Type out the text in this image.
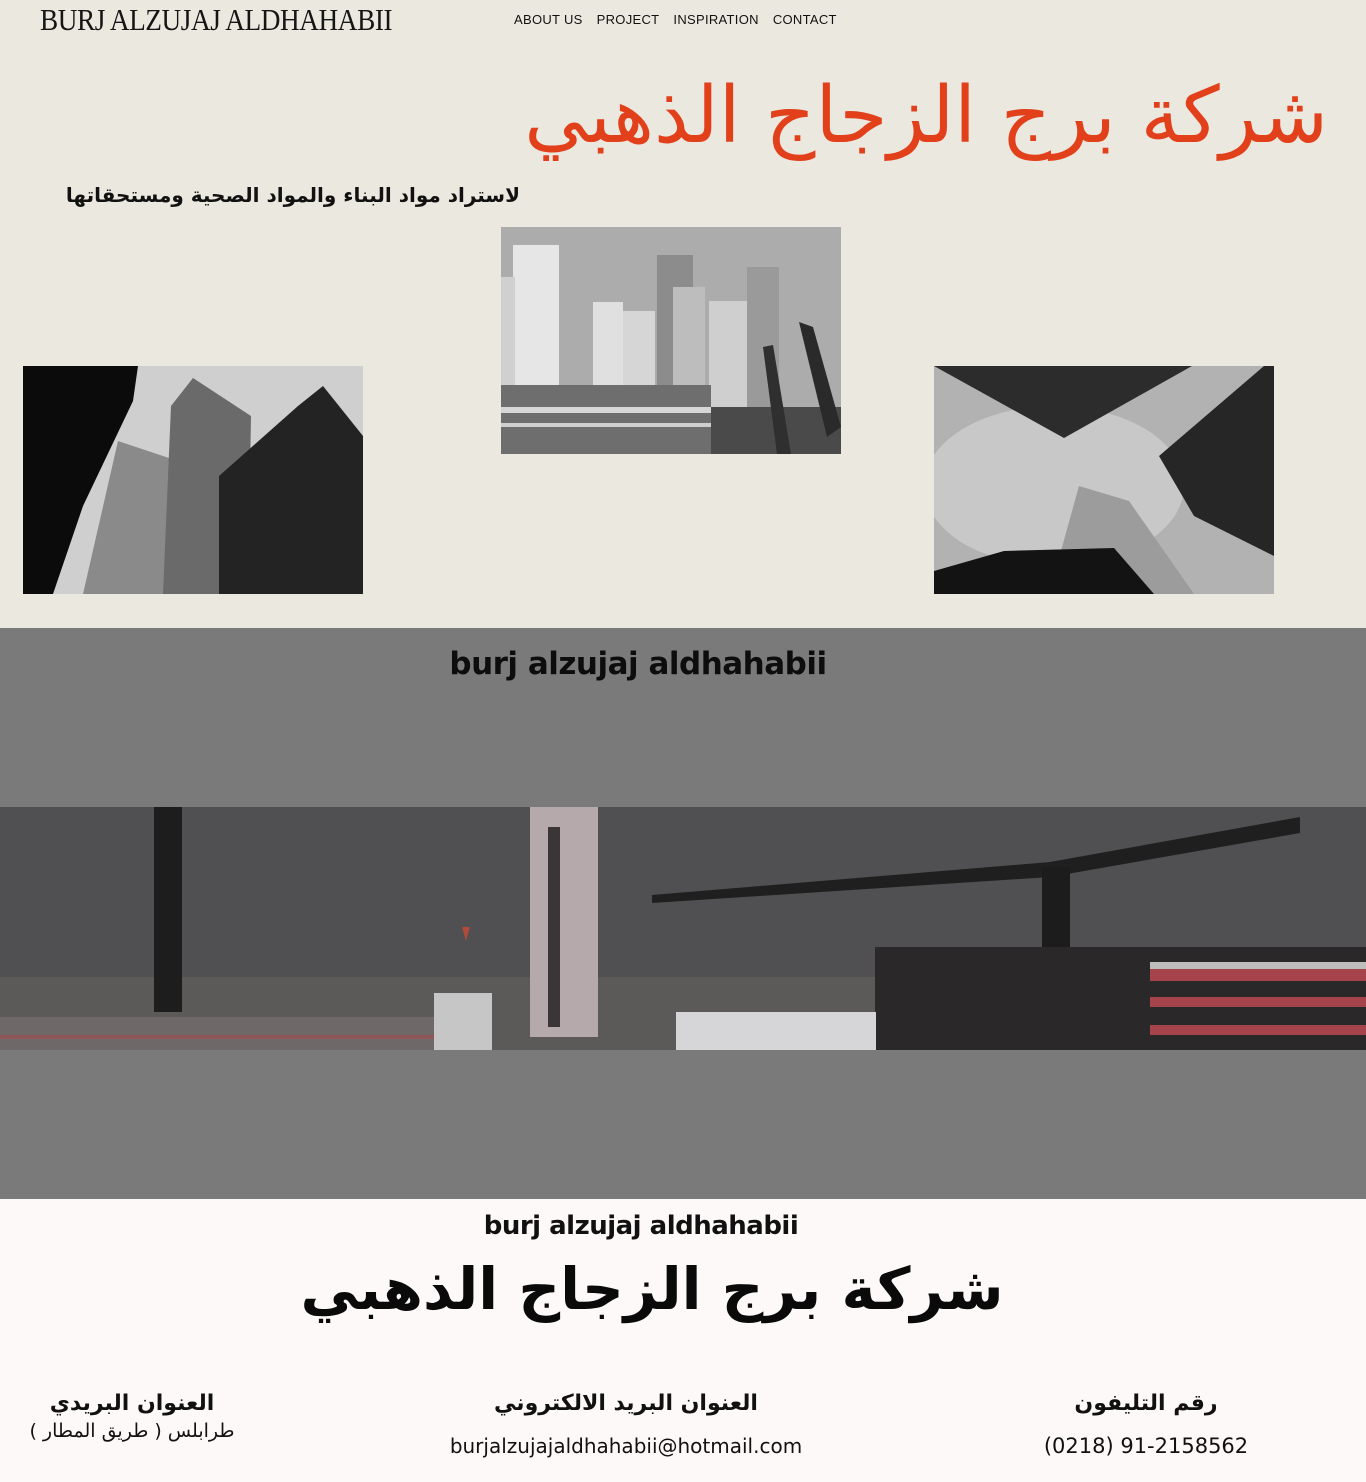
BURJ ALZUJAJ ALDHAHABII	ABOUT US PROJECT INSPIRATION CONTACT
شركة برج الزجاج الذهبي
لاستراد مواد البناء والمواد الصحية ومستحقاتها
burj alzujaj aldhahabii
burj alzujaj aldhahabii
شركة برج الزجاج الذهبي
العنوان البريدي
طرابلس ( طريق المطار )
العنوان البريد الالكتروني
burjalzujajaldhahabii@hotmail.com
رقم التليفون
(0218) 91-2158562
